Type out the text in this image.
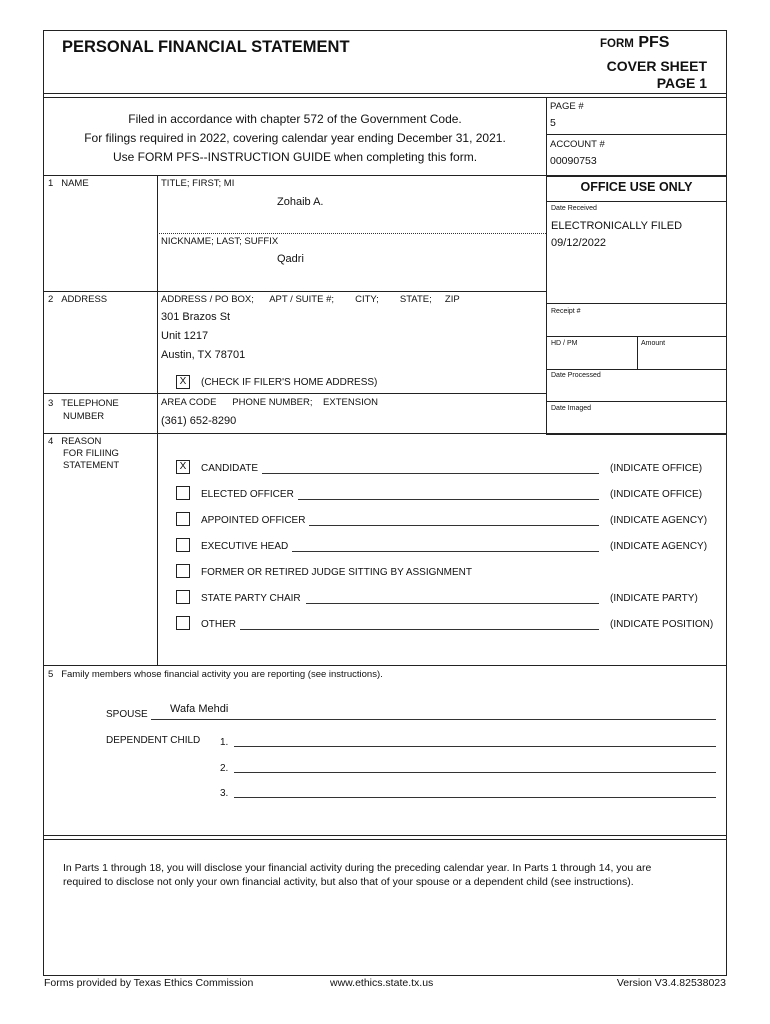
PERSONAL FINANCIAL STATEMENT	FORM PFS
COVER SHEET
PAGE 1
Filed in accordance with chapter 572 of the Government Code.
For filings required in 2022, covering calendar year ending December 31, 2021.
Use FORM PFS--INSTRUCTION GUIDE when completing this form.
PAGE #
5
ACCOUNT #
00090753
1 NAME	TITLE; FIRST; MI
Zohaib A.
NICKNAME; LAST; SUFFIX
Qadri
OFFICE USE ONLY
Date Received
ELECTRONICALLY FILED
09/12/2022
Receipt #
HD / PM	Amount
Date Processed
Date Imaged
2 ADDRESS	ADDRESS / PO BOX;      APT / SUITE #;        CITY;        STATE;     ZIP
301 Brazos St
Unit 1217
Austin, TX 78701
X	(CHECK IF FILER'S HOME ADDRESS)
3 TELEPHONE
NUMBER
AREA CODE      PHONE NUMBER;    EXTENSION
(361) 652-8290
4 REASON
FOR FILIING
STATEMENT	X	CANDIDATE	(INDICATE OFFICE)
ELECTED OFFICER	(INDICATE OFFICE)
APPOINTED OFFICER	(INDICATE AGENCY)
EXECUTIVE HEAD	(INDICATE AGENCY)
FORMER OR RETIRED JUDGE SITTING BY ASSIGNMENT
STATE PARTY CHAIR	(INDICATE PARTY)
OTHER	(INDICATE POSITION)
5 Family members whose financial activity you are reporting (see instructions).
SPOUSE Wafa Mehdi
DEPENDENT CHILD 1.
2.
3.
In Parts 1 through 18, you will disclose your financial activity during the preceding calendar year. In Parts 1 through 14, you are
required to disclose not only your own financial activity, but also that of your spouse or a dependent child (see instructions).
Forms provided by Texas Ethics Commission	www.ethics.state.tx.us	Version V3.4.82538023
